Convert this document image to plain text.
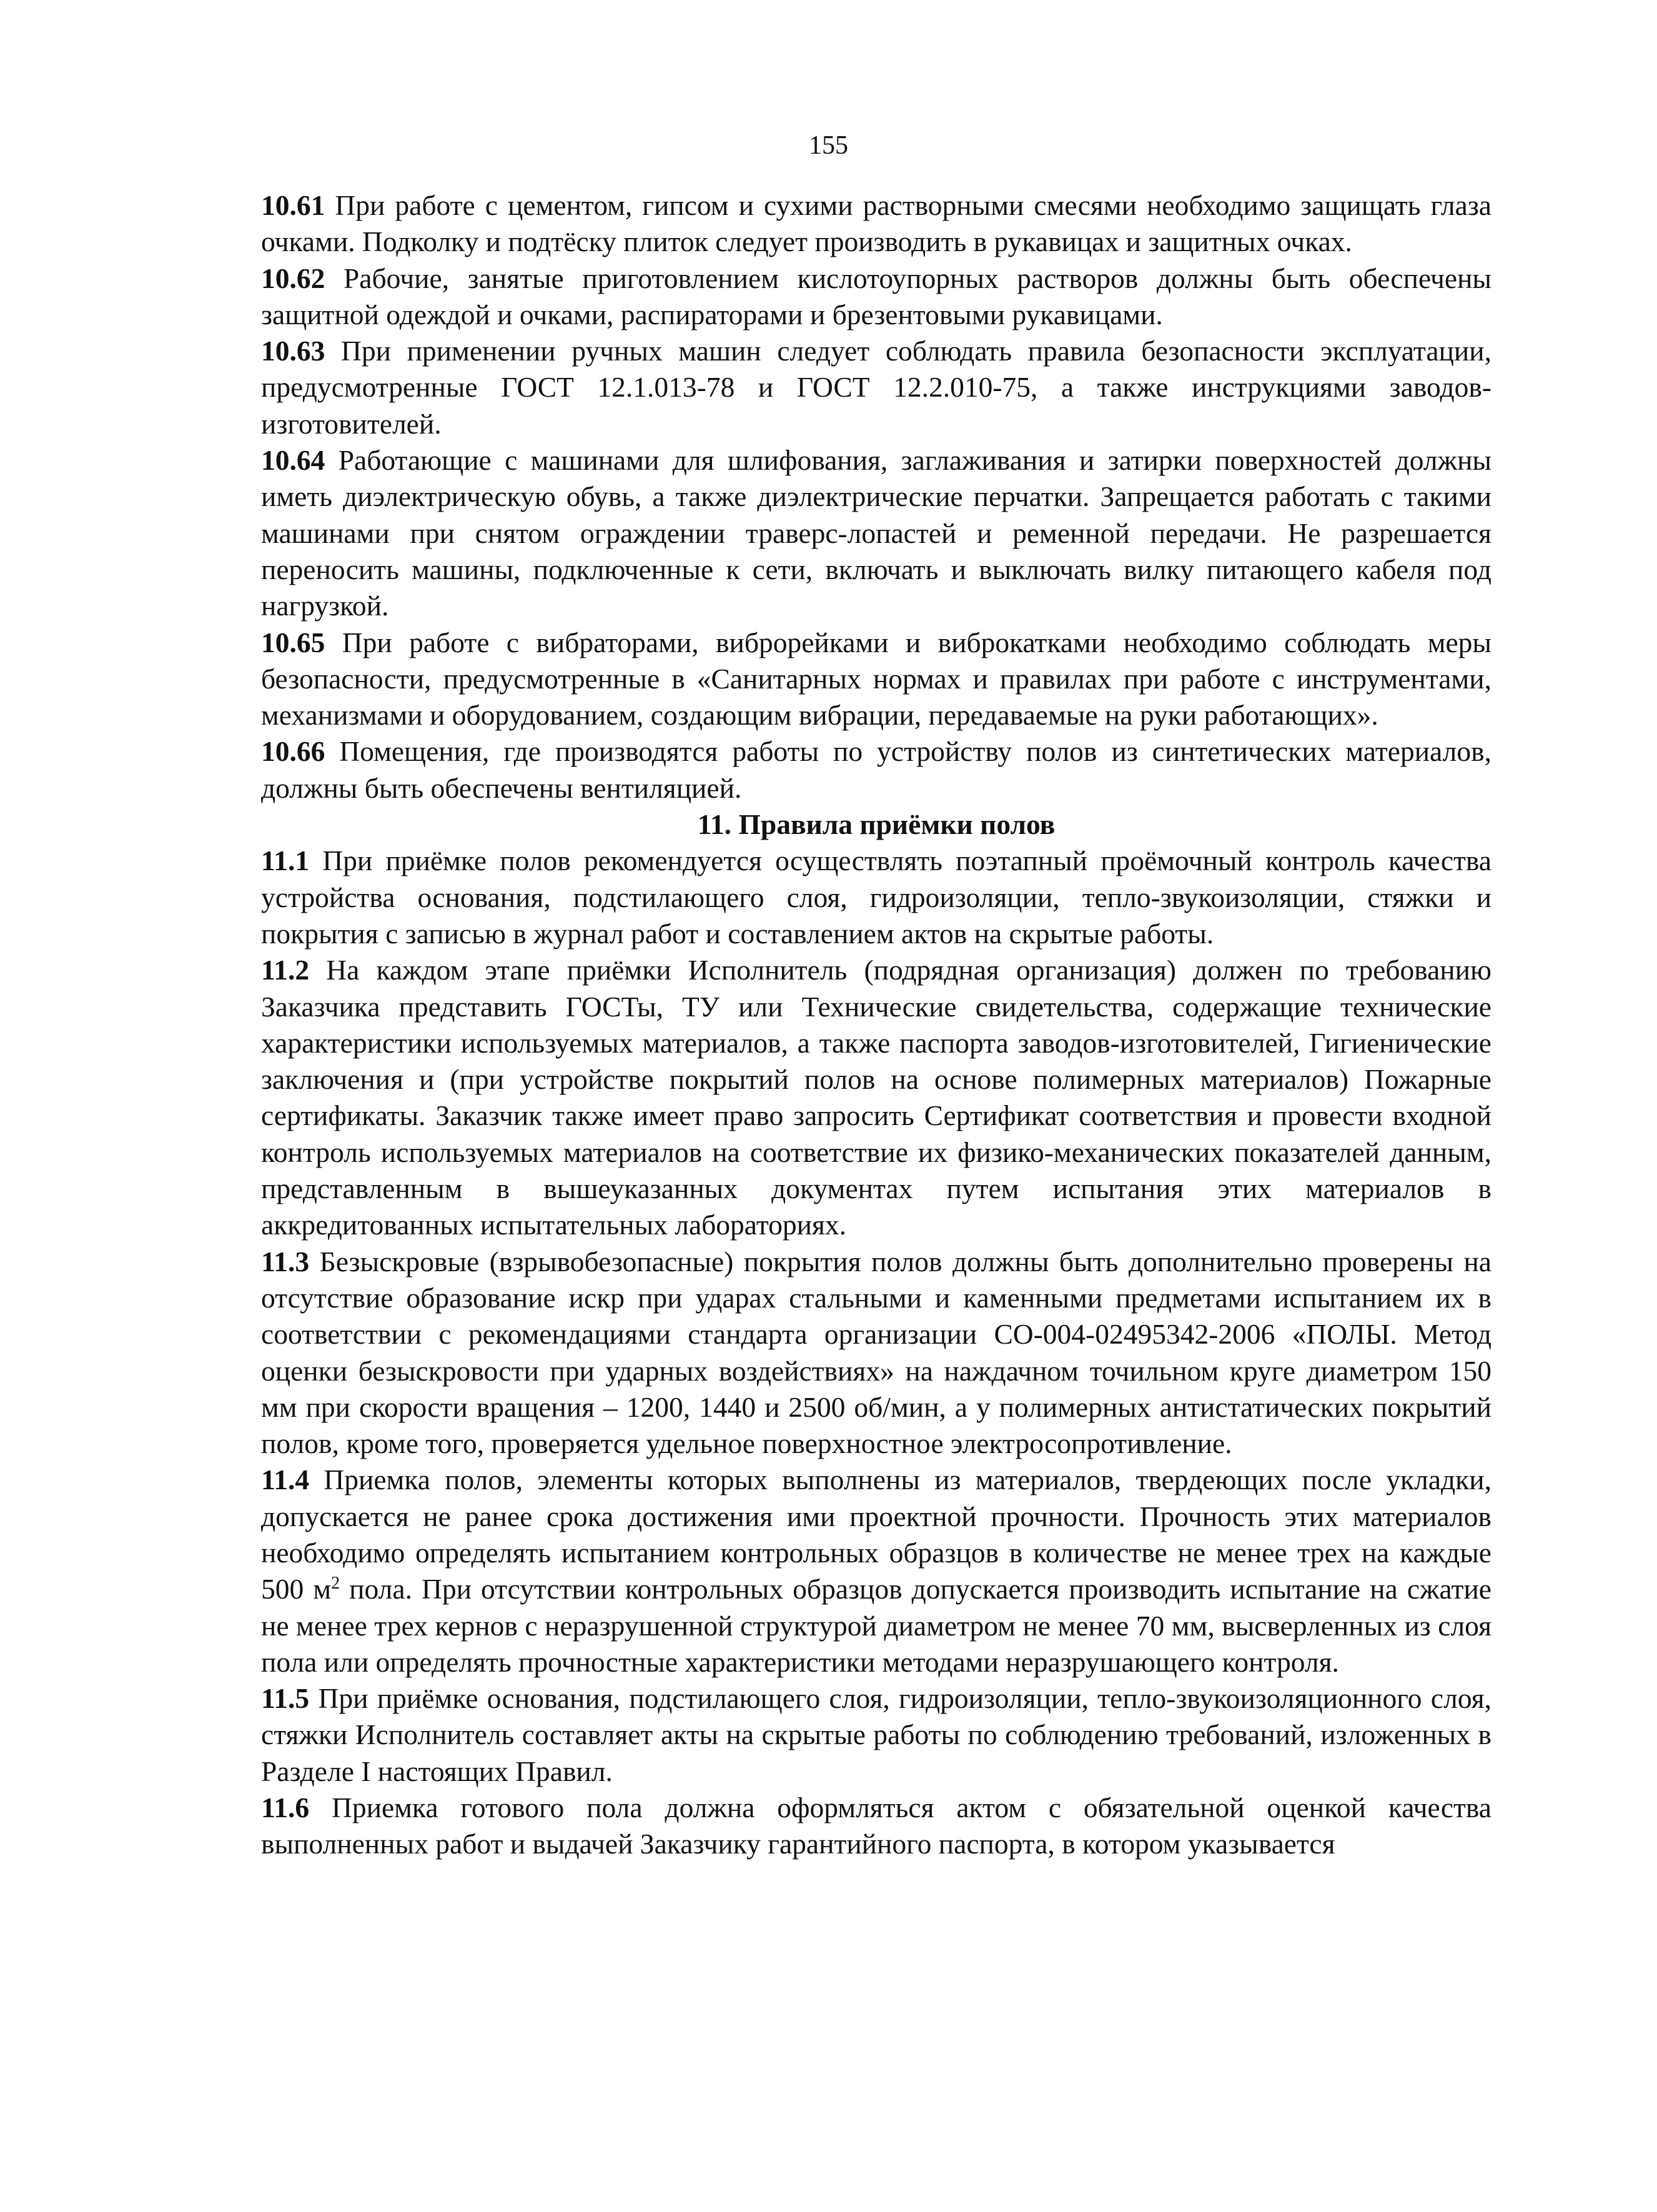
155

10.61 При работе с цементом, гипсом и сухими растворными смесями необходимо защищать глаза очками. Подколку и подтёску плиток следует производить в рукавицах и защитных очках.

10.62 Рабочие, занятые приготовлением кислотоупорных растворов должны быть обеспечены защитной одеждой и очками, распираторами и брезентовыми рукавицами.

10.63 При применении ручных машин следует соблюдать правила безопасности эксплуатации, предусмотренные ГОСТ 12.1.013-78 и ГОСТ 12.2.010-75, а также инструкциями заводов-изготовителей.

10.64 Работающие с машинами для шлифования, заглаживания и затирки поверхностей должны иметь диэлектрическую обувь, а также диэлектрические перчатки. Запрещается работать с такими машинами при снятом ограждении траверс-лопастей и ременной передачи. Не разрешается переносить машины, подключенные к сети, включать и выключать вилку питающего кабеля под нагрузкой.

10.65 При работе с вибраторами, виброрейками и виброкатками необходимо соблюдать меры безопасности, предусмотренные в «Санитарных нормах и правилах при работе с инструментами, механизмами и оборудованием, создающим вибрации, передаваемые на руки работающих».

10.66 Помещения, где производятся работы по устройству полов из синтетических материалов, должны быть обеспечены вентиляцией.

11. Правила приёмки полов

11.1 При приёмке полов рекомендуется осуществлять поэтапный проёмочный контроль качества устройства основания, подстилающего слоя, гидроизоляции, тепло-звукоизоляции, стяжки и покрытия с записью в журнал работ и составлением актов на скрытые работы.

11.2 На каждом этапе приёмки Исполнитель (подрядная организация) должен по требованию Заказчика представить ГОСТы, ТУ или Технические свидетельства, содержащие технические характеристики используемых материалов, а также паспорта заводов-изготовителей, Гигиенические заключения и (при устройстве покрытий полов на основе полимерных материалов) Пожарные сертификаты. Заказчик также имеет право запросить Сертификат соответствия и провести входной контроль используемых материалов на соответствие их физико-механических показателей данным, представленным в вышеуказанных документах путем испытания этих материалов в аккредитованных испытательных лабораториях.

11.3 Безыскровые (взрывобезопасные) покрытия полов должны быть дополнительно проверены на отсутствие образование искр при ударах стальными и каменными предметами испытанием их в соответствии с рекомендациями стандарта организации СО-004-02495342-2006 «ПОЛЫ. Метод оценки безыскровости при ударных воздействиях» на наждачном точильном круге диаметром 150 мм при скорости вращения – 1200, 1440 и 2500 об/мин, а у полимерных антистатических покрытий полов, кроме того, проверяется удельное поверхностное электросопротивление.

11.4 Приемка полов, элементы которых выполнены из материалов, твердеющих после укладки, допускается не ранее срока достижения ими проектной прочности. Прочность этих материалов необходимо определять испытанием контрольных образцов в количестве не менее трех на каждые 500 $м^2$ пола. При отсутствии контрольных образцов допускается производить испытание на сжатие не менее трех кернов с неразрушенной структурой диаметром не менее 70 мм, высверленных из слоя пола или определять прочностные характеристики методами неразрушающего контроля.

11.5 При приёмке основания, подстилающего слоя, гидроизоляции, тепло-звукоизоляционного слоя, стяжки Исполнитель составляет акты на скрытые работы по соблюдению требований, изложенных в Разделе I настоящих Правил.

11.6 Приемка готового пола должна оформляться актом с обязательной оценкой качества выполненных работ и выдачей Заказчику гарантийного паспорта, в котором указывается
